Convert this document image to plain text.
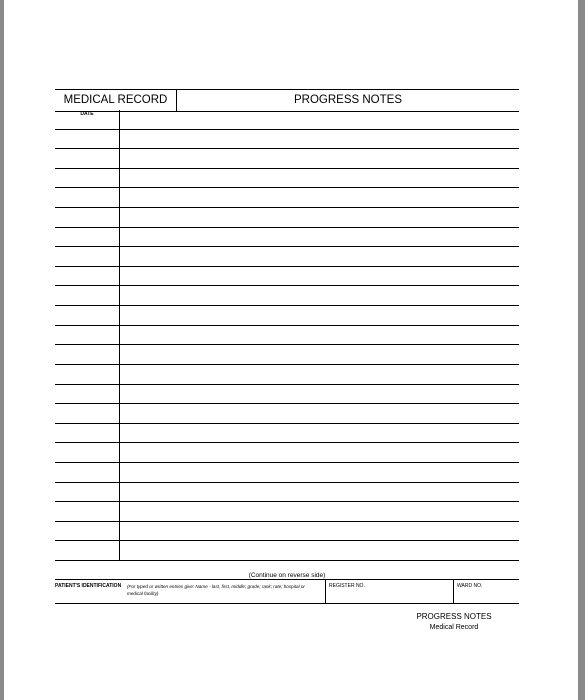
MEDICAL RECORD	PROGRESS NOTES
DATE
(Continue on reverse side)
PATIENT'S IDENTIFICATION (For typed or written entries give: Name - last, first, middle; grade; rank; rate; hospital or medical facility)
REGISTER NO.	WARD NO.
PROGRESS NOTES
Medical Record
